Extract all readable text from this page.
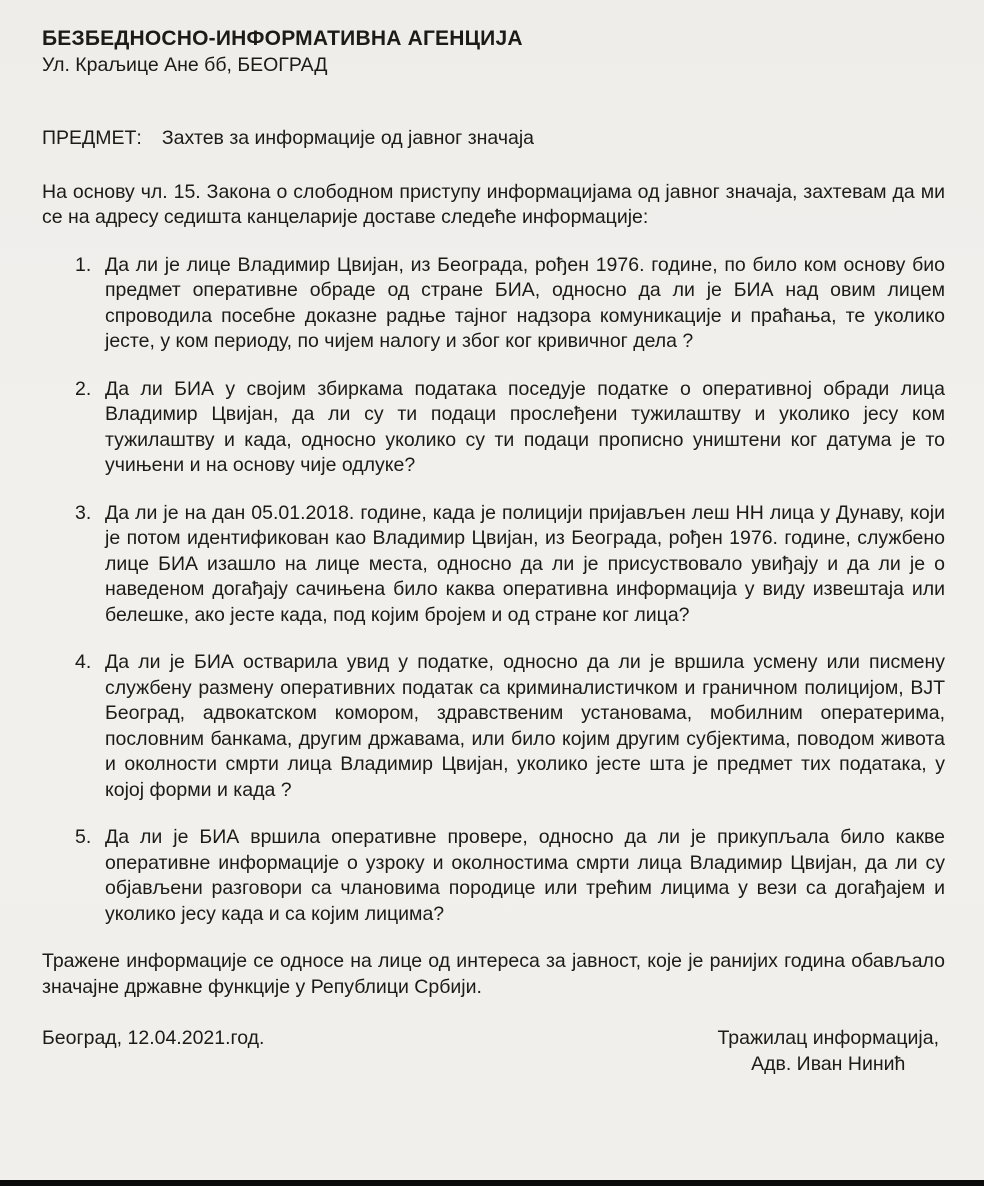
БЕЗБЕДНОСНО-ИНФОРМАТИВНА АГЕНЦИЈА
Ул. Краљице Ане бб, БЕОГРАД
ПРЕДМЕТ: Захтев за информације од јавног значаја
На основу чл. 15. Закона о слободном приступу информацијама од јавног значаја, захтевам да ми се на адресу седишта канцеларије доставе следеће информације:
1. Да ли је лице Владимир Цвијан, из Београда, рођен 1976. године, по било ком основу био предмет оперативне обраде од стране БИА, односно да ли је БИА над овим лицем спроводила посебне доказне радње тајног надзора комуникације и праћања, те уколико јесте, у ком периоду, по чијем налогу и због ког кривичног дела ?
2. Да ли БИА у својим збиркама података поседује податке о оперативној обради лица Владимир Цвијан, да ли су ти подаци прослеђени тужилаштву и уколико јесу ком тужилаштву и када, односно уколико су ти подаци прописно уништени ког датума је то учињени и на основу чије одлуке?
3. Да ли је на дан 05.01.2018. године, када је полицији пријављен леш НН лица у Дунаву, који је потом идентификован као Владимир Цвијан, из Београда, рођен 1976. године, службено лице БИА изашло на лице места, односно да ли је присуствовало увиђају и да ли је о наведеном догађају сачињена било каква оперативна информација у виду извештаја или белешке, ако јесте када, под којим бројем и од стране ког лица?
4. Да ли је БИА остварила увид у податке, односно да ли је вршила усмену или писмену службену размену оперативних податак са криминалистичком и граничном полицијом, ВЈТ Београд, адвокатском комором, здравственим установама, мобилним оператерима, пословним банкама, другим државама, или било којим другим субјектима, поводом живота и околности смрти лица Владимир Цвијан, уколико јесте шта је предмет тих података, у којој форми и када ?
5. Да ли је БИА вршила оперативне провере, односно да ли је прикупљала било какве оперативне информације о узроку и околностима смрти лица Владимир Цвијан, да ли су објављени разговори са члановима породице или трећим лицима у вези са догађајем и уколико јесу када и са којим лицима?
Тражене информације се односе на лице од интереса за јавност, које је ранијих година обављало значајне државне функције у Републици Србији.
Београд, 12.04.2021.год.	Тражилац информација,
Адв. Иван Нинић
